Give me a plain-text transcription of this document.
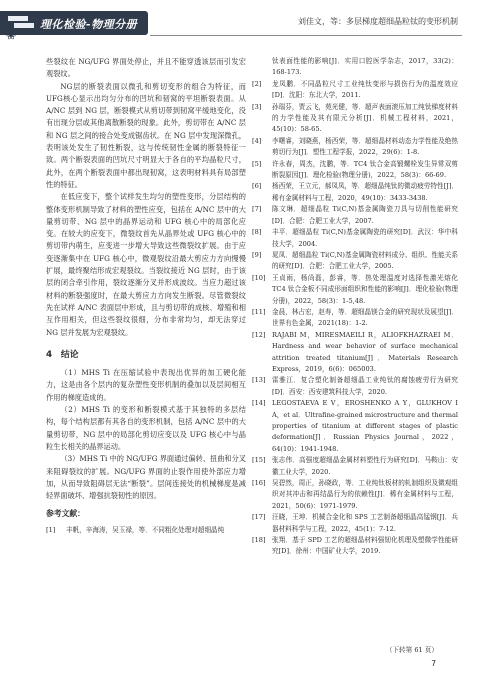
理化检验-物理分册	刘佳文，等：多层梯度超细晶粒钛的变形机制

些裂纹在 NG/UFG 界面处停止，并且不能穿透该层而引发宏观裂纹。

NG层的断裂表面以微孔和剪切变形的组合为特征，而UFG核心显示出均匀分布的凹坑和韧窝的平坦断裂表面。从 A/NC 层到 NG 层，断裂模式从剪切带到韧窝平缓地变化，没有出现分层或其他离散断裂的现象。此外，剪切带在 A/NC 层和 NG 层之间的接合处变成锯齿状。在 NG 层中发现深微孔，表明该处发生了韧性断裂，这与传统韧性金属的断裂特征一致。两个断裂表面的凹坑尺寸明显大于各自的平均晶粒尺寸，此外，在两个断裂表面中都出现韧窝，这表明材料具有局部塑性的特征。

在低应变下，整个试样发生均匀的塑性变形，分层结构的整体变形机制导致了材料的塑性应变，包括在 A/NC 层中的大量剪切带、NG 层中的晶界运动和 UFG 核心中的局部化应变。在较大的应变下，微裂纹首先从晶界处或 UFG 核心中的剪切带内萌生，应变进一步增大导致这些微裂纹扩展。由于应变逐渐集中在 UFG 核心中，微观裂纹沿最大剪应力方向慢慢扩展，最终聚结形成宏观裂纹。当裂纹接近 NG 层时，由于该层的闭合牵引作用，裂纹逐渐分叉并形成波纹。当应力超过该材料的断裂强度时，在最大剪应力方向发生断裂。尽管微裂纹先在试样 A/NC 表面层中形成，且与剪切带的成核、增殖和相互作用相关，但这些裂纹很细，分布非常均匀，却无法穿过 NG 层并发展为宏观裂纹。

4　结论

（1）MHS Ti 在压缩试验中表现出优异的加工硬化能力，这是由各个层内的复杂塑性变形机制的叠加以及层间相互作用的梯度造成的。

（2）MHS Ti 的变形和断裂模式基于其独特的多层结构，每个结构层都有其各自的变形机制，包括 A/NC 层中的大量剪切带，NG 层中的局部化剪切应变以及 UFG 核心中与晶粒生长相关的晶界运动。

（3）MHS Ti 中的 NG/UFG 界面通过偏转、扭曲和分叉来阻碍裂纹的扩展。NG/UFG 界面的止裂作用使外部应力增加，从而导致阻碍层无法“断裂”。层间连接处的机械梯度是减轻界面破坏、增强抗裂韧性的原因。

参考文献：
[1]	丰帆，辛海涛，吴玉禄，等．不同粗化处理对超细晶纯
钛表面性能的影响[J]．实用口腔医学杂志，2017，33(2)：168-173.
[2]	龙凤鹏．不同晶粒尺寸工业纯钛变形与损伤行为的温度效应[D]．沈阳：东北大学，2011.
[3]	孙瑞芬，贾云飞，苑光健，等．超声表面滚压加工纯钛梯度材料的力学性能及其有限元分析[J]．机械工程材料，2021，45(10)：58-65.
[4]	李曙睿，刘晓燕，杨西荣，等．超细晶材料动态力学性能及绝热剪切行为[J]．塑性工程学报，2022，29(6)：1-8.
[5]	许永春，周杰，沈鹏，等．TC4 钛合金高锻螺栓发生异常双剪断裂原因[J]．理化检验(物理分册)，2022，58(3)：66-69.
[6]	杨西荣，王立元，郝凤凤，等．超细晶纯钛的微动疲劳特性[J]．稀有金属材料与工程，2020，49(10)：3433-3438.
[7]	陈文琳．超细晶粒 Ti(C,N)基金属陶瓷刀具与切削性能研究[D]．合肥：合肥工业大学，2007.
[8]	丰平．超细晶粒 Ti(C,N)基金属陶瓷的研究[D]．武汉：华中科技大学，2004.
[9]	晁凤．超细晶粒 Ti(C,N)基金属陶瓷材料成分、组织、性能关系的研究[D]．合肥：合肥工业大学，2005.
[10] 王貞雨，杨尚磊，彭睿，等．热处理温度对选择性激光熔化 TC4 钛合金板不同成形面组织和性能的影响[J]．理化检验(物理分册)，2022，58(3)：1-5,48.
[11] 金晨，林占宏，赵寿，等．超细晶镁合金的研究现状及展望[J]．世界有色金属，2021(18)：1-2.
[12] RAJABI M，MIRESMAEILI R，ALIOFKHAZRAEI M．Hardness and wear behavior of surface mechanical attrition treated titanium[J]．Materials Research Express，2019，6(6)：065003.
[13] 雷雅江．复合塑化制备超细晶工业纯钛的腐蚀疲劳行为研究[D]．西安：西安建筑科技大学，2020.
[14] LEGOSTAEVA E V，EROSHENKO A Y，GLUKHOV I A，et al．Ultrafine-grained microstructure and thermal properties of titanium at different stages of plastic deformation[J]．Russian Physics Journal，2022，64(10)：1941-1948.
[15] 张志伟．高强度超细晶金属材料塑性行为研究[D]．马鞍山：安徽工业大学，2020.
[16] 吴碧然，周正，孙晓政，等．工业纯钛板材的轧制组织及微观组织对其冲击和再结晶行为的依赖性[J]．稀有金属材料与工程，2021，50(6)：1971-1979.
[17] 汪晓，王坤．机械合金化和 SPS 工艺制备超细晶高锰钢[J]．兵器材料科学与工程，2022，45(1)：7-12.
[18] 张翔．基于 SPD 工艺的超细晶材料强韧化机理及塑微学性能研究[D]．徐州：中国矿业大学，2019.
（下转第 61 页）
7
